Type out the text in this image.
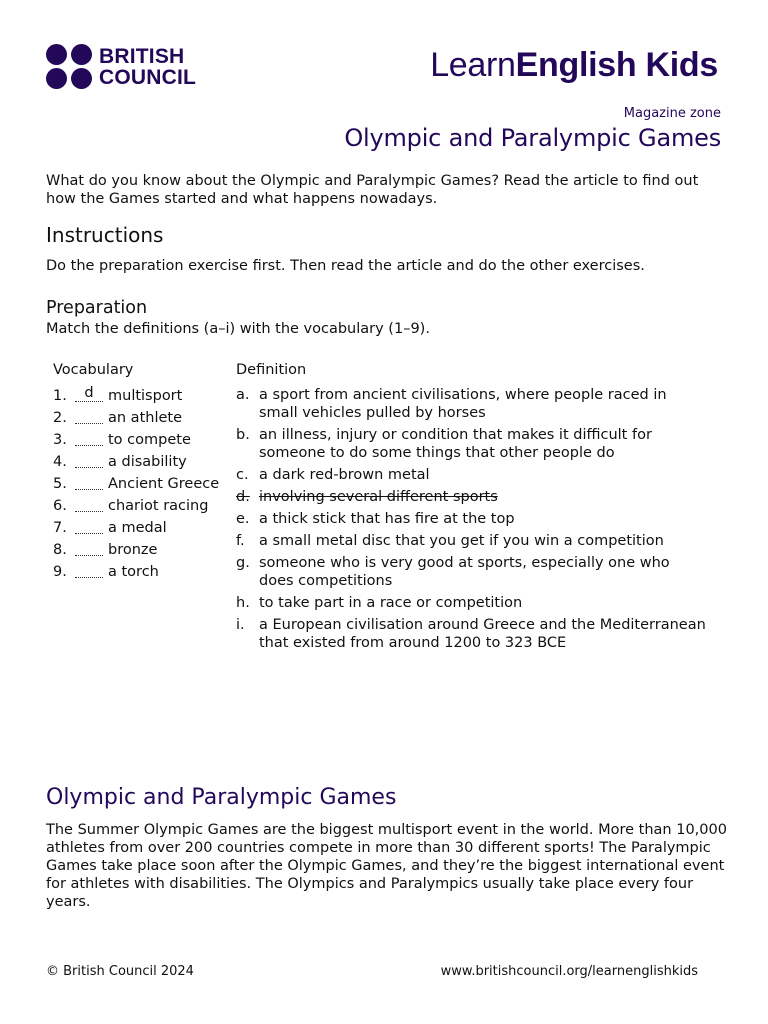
BRITISH
COUNCIL	LearnEnglish Kids
Magazine zone
Olympic and Paralympic Games

What do you know about the Olympic and Paralympic Games? Read the article to find out how the Games started and what happens nowadays.

Instructions

Do the preparation exercise first. Then read the article and do the other exercises.

Preparation

Match the definitions (a–i) with the vocabulary (1–9).

Vocabulary	Definition
1.	d multisport
2.	an athlete
3.	to compete
4.	a disability
5.	Ancient Greece
6.	chariot racing
7.	a medal
8.	bronze
9.	a torch
a. a sport from ancient civilisations, where people raced in small vehicles pulled by horses
b. an illness, injury or condition that makes it difficult for someone to do some things that other people do
c. a dark red-brown metal
d. involving several different sports
e. a thick stick that has fire at the top
f. a small metal disc that you get if you win a competition
g. someone who is very good at sports, especially one who does competitions
h. to take part in a race or competition
i. a European civilisation around Greece and the Mediterranean that existed from around 1200 to 323 BCE
Olympic and Paralympic Games

The Summer Olympic Games are the biggest multisport event in the world. More than 10,000 athletes from over 200 countries compete in more than 30 different sports! The Paralympic Games take place soon after the Olympic Games, and they’re the biggest international event for athletes with disabilities. The Olympics and Paralympics usually take place every four years.

© British Council 2024	www.britishcouncil.org/learnenglishkids
